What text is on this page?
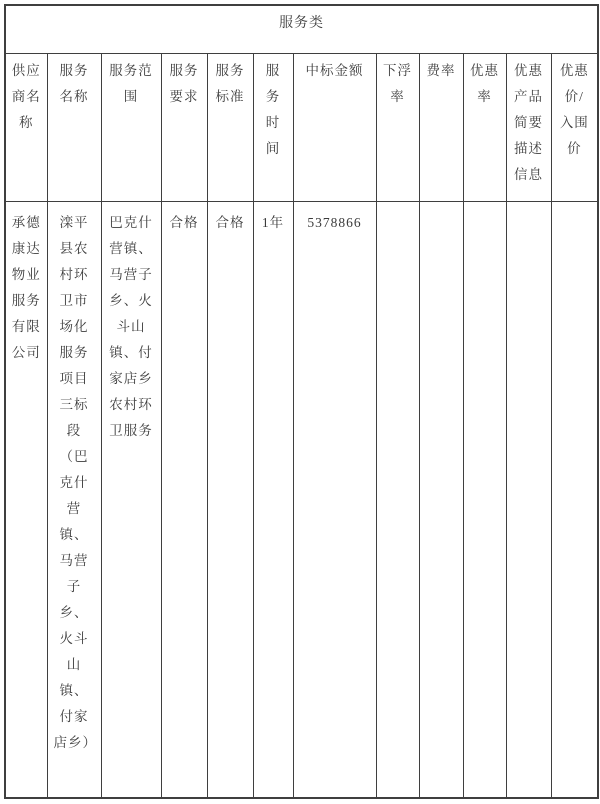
服务类											
供应商名称	服务名称	服务范围	服务要求	服务标准	服务时间	中标金额	下浮率	费率	优惠率	优惠产品简要描述信息	优惠价/入围价
承德康达物业服务有限公司	滦平县农村环卫市场化服务项目三标段（巴克什营镇、马营子乡、火斗山镇、付家店乡）	巴克什营镇、马营子乡、火斗山镇、付家店乡农村环卫服务	合格	合格	1年	5378866					
